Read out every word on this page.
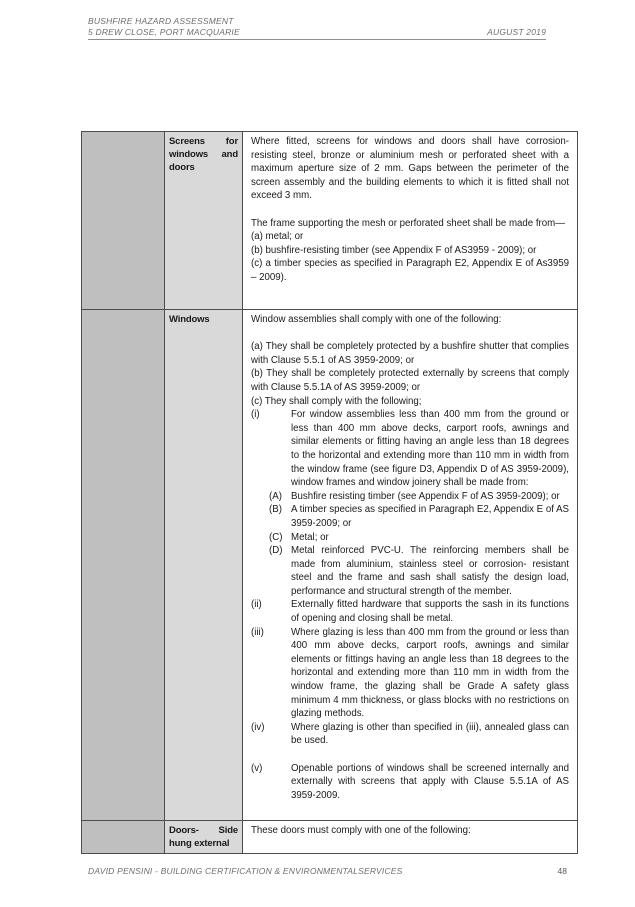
BUSHFIRE HAZARD ASSESSMENT
5 DREW CLOSE, PORT MACQUARIE	AUGUST 2019
	Screens for windows and doors	Where fitted, screens for windows and doors shall have corrosion-resisting steel, bronze or aluminium mesh or perforated sheet with a maximum aperture size of 2 mm. Gaps between the perimeter of the screen assembly and the building elements to which it is fitted shall not exceed 3 mm.

The frame supporting the mesh or perforated sheet shall be made from—

(a) metal; or

(b) bushfire-resisting timber (see Appendix F of AS3959 - 2009); or

(c) a timber species as specified in Paragraph E2, Appendix E of As3959 – 2009).

	Windows	Window assemblies shall comply with one of the following:

(a) They shall be completely protected by a bushfire shutter that complies with Clause 5.5.1 of AS 3959-2009; or

(b) They shall be completely protected externally by screens that comply with Clause 5.5.1A of AS 3959-2009; or

(c) They shall comply with the following;

(i)	For window assemblies less than 400 mm from the ground or less than 400 mm above decks, carport roofs, awnings and similar elements or fitting having an angle less than 18 degrees to the horizontal and extending more than 110 mm in width from the window frame (see figure D3, Appendix D of AS 3959-2009), window frames and window joinery shall be made from:
(A) Bushfire resisting timber (see Appendix F of AS 3959-2009); or
(B) A timber species as specified in Paragraph E2, Appendix E of AS 3959-2009; or
(C) Metal; or
(D) Metal reinforced PVC-U. The reinforcing members shall be made from aluminium, stainless steel or corrosion- resistant steel and the frame and sash shall satisfy the design load, performance and structural strength of the member.
(ii)	Externally fitted hardware that supports the sash in its functions of opening and closing shall be metal.
(iii)	Where glazing is less than 400 mm from the ground or less than 400 mm above decks, carport roofs, awnings and similar elements or fittings having an angle less than 18 degrees to the horizontal and extending more than 110 mm in width from the window frame, the glazing shall be Grade A safety glass minimum 4 mm thickness, or glass blocks with no restrictions on glazing methods.
(iv)	Where glazing is other than specified in (iii), annealed glass can be used.
(v)	Openable portions of windows shall be screened internally and externally with screens that apply with Clause 5.5.1A of AS 3959-2009.

	Doors- Side hung external	These doors must comply with one of the following:

DAVID PENSINI - BUILDING CERTIFICATION & ENVIRONMENTALSERVICES	48
